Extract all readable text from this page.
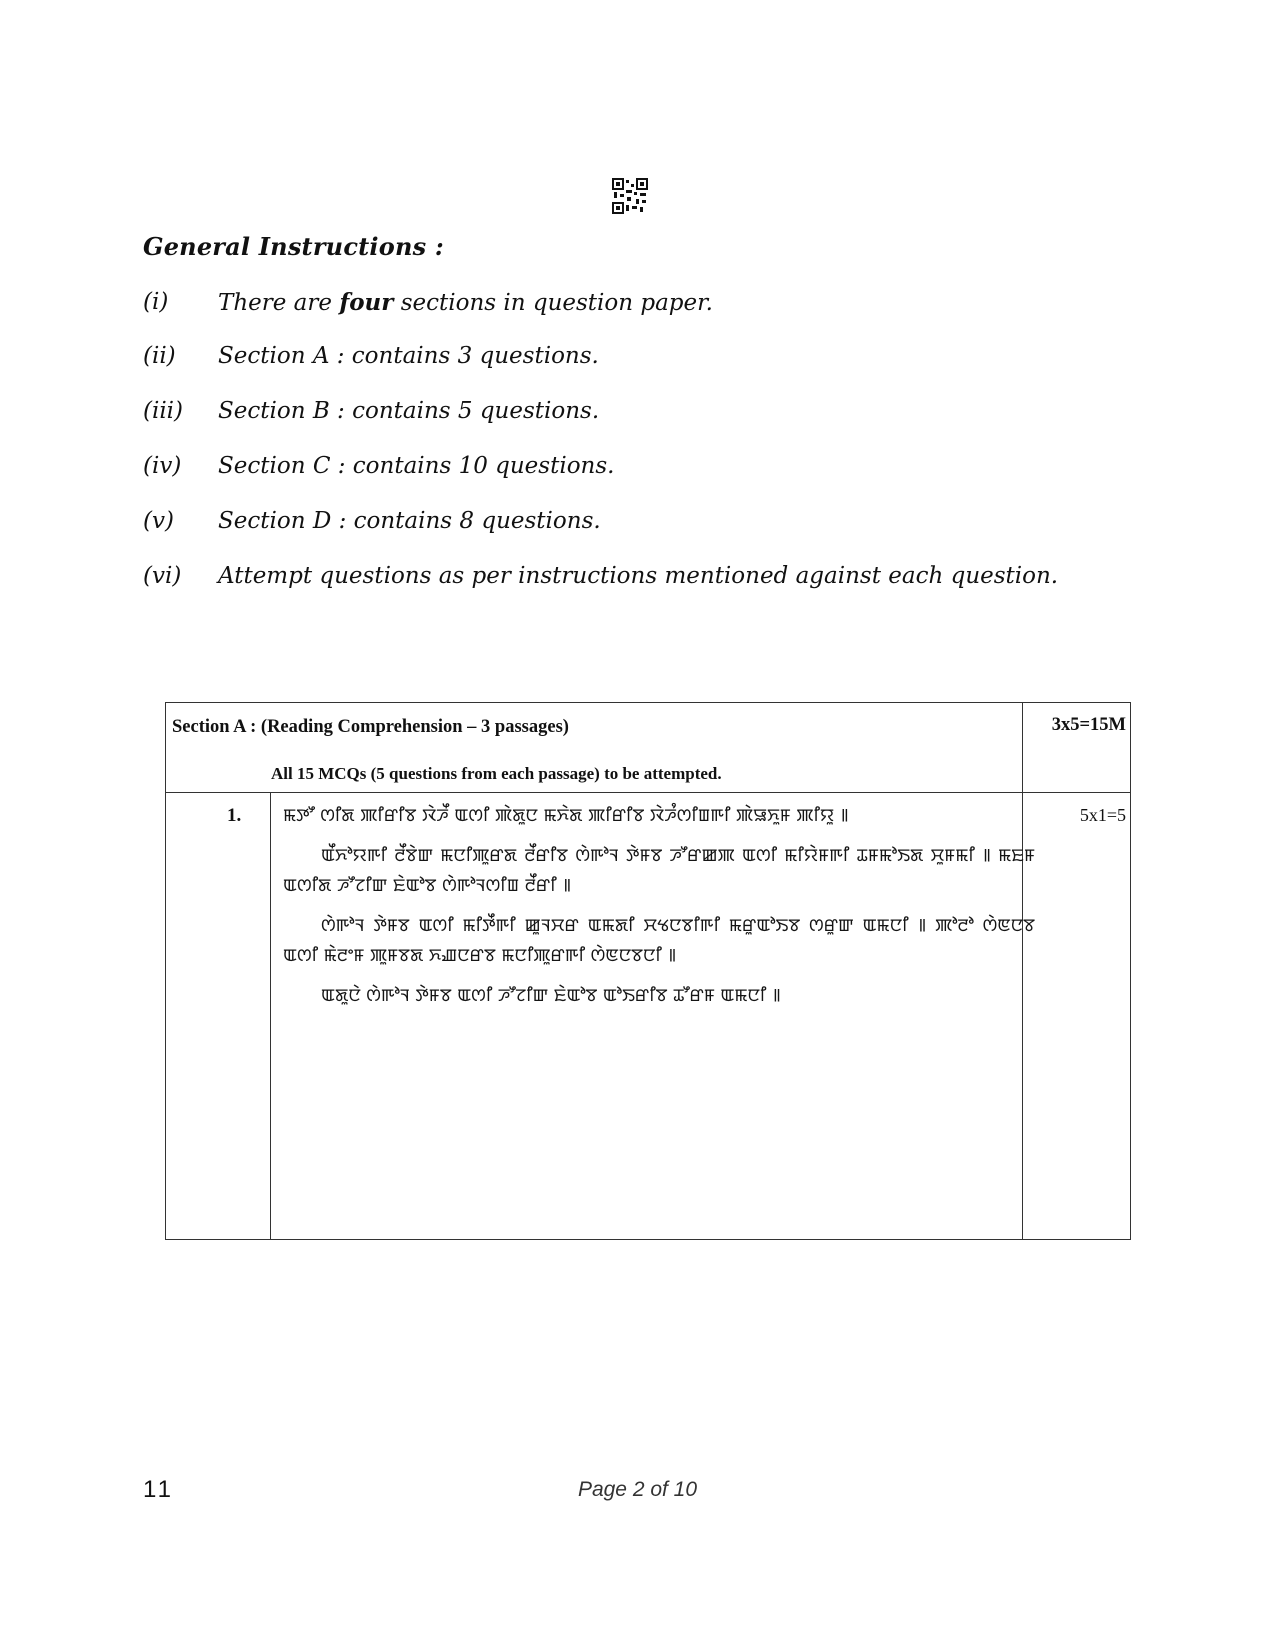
General Instructions :
(i) There are four sections in question paper.
(ii) Section A : contains 3 questions.
(iii) Section B : contains 5 questions.
(iv) Section C : contains 10 questions.
(v) Section D : contains 8 questions.
(vi) Attempt questions as per instructions mentioned against each question.

Section A : (Reading Comprehension – 3 passages)

All 15 MCQs (5 questions from each passage) to be attempted.

3x5=15M

1.	5x1=5

ꯃꯇꯧ ꯁꯤꯗ ꯄꯤꯔꯤꯕ ꯋꯥꯍꯩ ꯑꯁꯤ ꯄꯥꯗꯨꯅ ꯃꯈꯥꯗ ꯄꯤꯔꯤꯕ ꯋꯥꯍꯪꯁꯤꯡꯒꯤ ꯄꯥꯎꯈꯨꯝ ꯄꯤꯌꯨ ꯫

ꯑꯩꯈꯣꯌꯒꯤ ꯂꯩꯕꯥꯛ ꯃꯅꯤꯄꯨꯔꯗ ꯂꯩꯔꯤꯕ ꯁꯥꯒꯣꯜ ꯇꯥꯝꯕ ꯍꯧꯔꯀꯄ ꯑꯁꯤ ꯃꯤꯌꯥꯝꯒꯤ ꯊꯝꯃꯣꯏꯗ ꯆꯨꯝꯃꯤ ꯫ ꯃꯐꯝ ꯑꯁꯤꯗ ꯍꯧꯖꯤꯛ ꯐꯥꯑꯣꯕ ꯁꯥꯒꯣꯜꯁꯤꯡ ꯂꯩꯔꯤ ꯫

ꯁꯥꯒꯣꯜ ꯇꯥꯝꯕ ꯑꯁꯤ ꯃꯤꯇꯩꯒꯤ ꯀꯨꯜꯆꯔ ꯑꯃꯗꯤ ꯆꯠꯅꯕꯤꯒꯤ ꯃꯔꯨꯑꯣꯏꯕ ꯁꯔꯨꯛ ꯑꯃꯅꯤ ꯫ ꯄꯣꯂꯣ ꯁꯥꯟꯅꯕ ꯑꯁꯤ ꯃꯥꯂꯦꯝ ꯄꯨꯝꯕꯗ ꯈꯉꯅꯔꯕ ꯃꯅꯤꯄꯨꯔꯒꯤ ꯁꯥꯟꯅꯕꯅꯤ ꯫

ꯑꯗꯨꯅꯥ ꯁꯥꯒꯣꯜ ꯇꯥꯝꯕ ꯑꯁꯤ ꯍꯧꯖꯤꯛ ꯐꯥꯑꯣꯕ ꯑꯣꯏꯔꯤꯕ ꯊꯧꯔꯝ ꯑꯃꯅꯤ ꯫

11	Page 2 of 10
